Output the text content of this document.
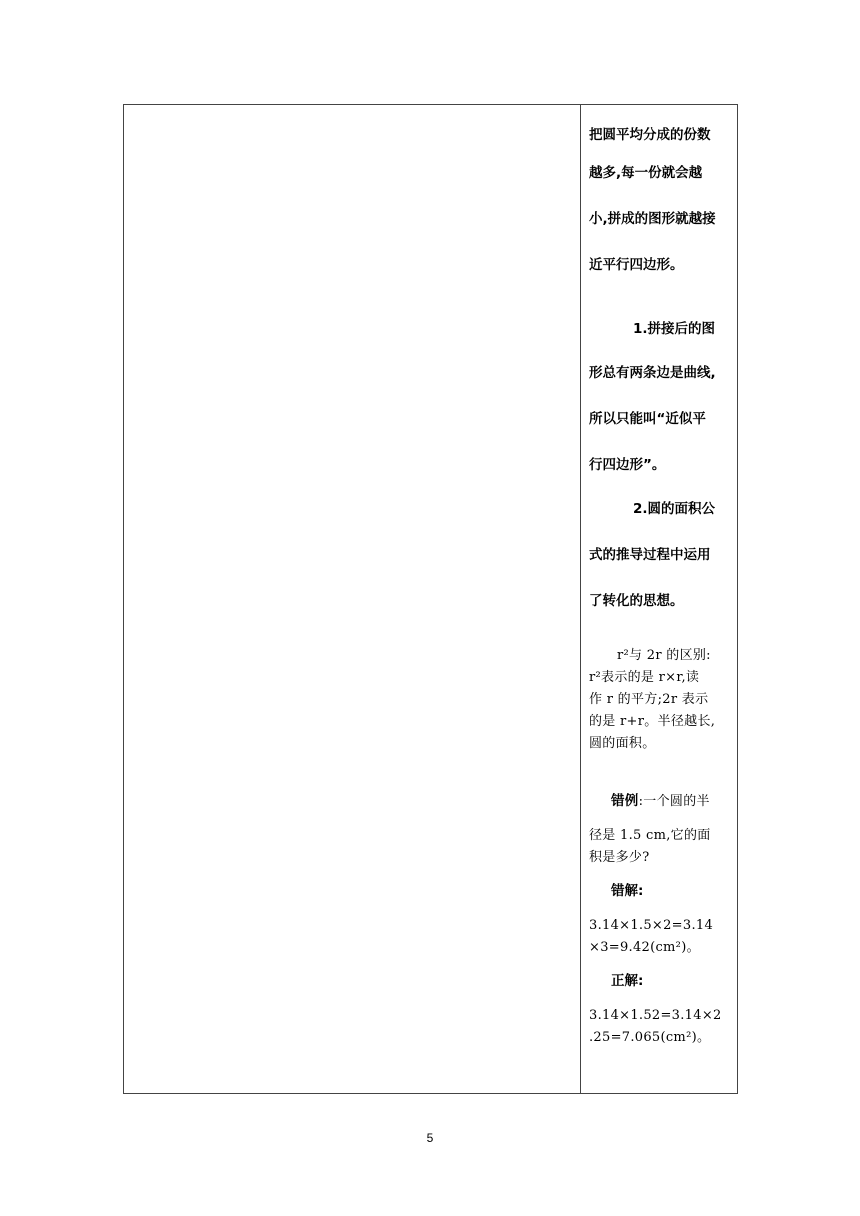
把圆平均分成的份数
越多,每一份就会越
小,拼成的图形就越接
近平行四边形。
1.拼接后的图
形总有两条边是曲线,
所以只能叫“近似平
行四边形”。
2.圆的面积公
式的推导过程中运用
了转化的思想。
r²与 2r 的区别:
r²表示的是 r×r,读
作 r 的平方;2r 表示
的是 r+r。半径越长,
圆的面积。
错例:一个圆的半
径是 1.5 cm,它的面
积是多少?
错解:
3.14×1.5×2=3.14
×3=9.42(cm²)。
正解:
3.14×1.52=3.14×2
.25=7.065(cm²)。
5
